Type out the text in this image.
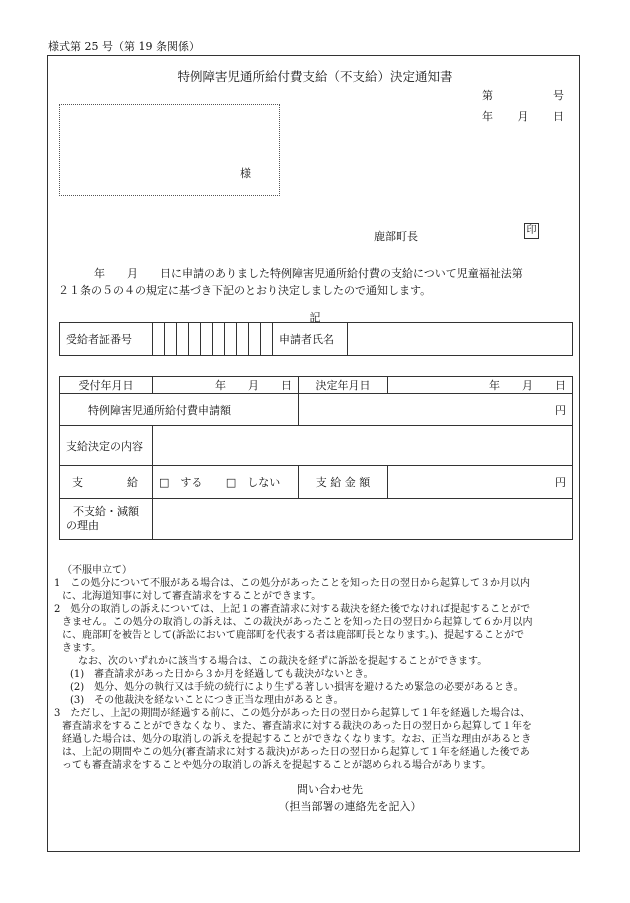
様式第 25 号（第 19 条関係）
特例障害児通所給付費支給（不支給）決定通知書
第	号
年 月 日
様
鹿部町長	印
年　　月　　日に申請のありました特例障害児通所給付費の支給について児童福祉法第
２１条の５の４の規定に基づき下記のとおり決定しましたので通知します。
記
受給者証番号											申請者氏名	
受付年月日	年　　月　　日	決定年月日	年　　月　　日
特例障害児通所給付費申請額		円	
支給決定の内容			
支　　　　給	□　する □　しない	支 給 金 額	円

不支給・減額
の理由			

（不服申立て）
1　この処分について不服がある場合は、この処分があったことを知った日の翌日から起算して３か月以内
に、北海道知事に対して審査請求をすることができます。
2　処分の取消しの訴えについては、上記１の審査請求に対する裁決を経た後でなければ提起することがで
きません。この処分の取消しの訴えは、この裁決があったことを知った日の翌日から起算して６か月以内
に、鹿部町を被告として(訴訟において鹿部町を代表する者は鹿部町長となります。)、提起することがで
きます。
なお、次のいずれかに該当する場合は、この裁決を経ずに訴訟を提起することができます。
(1)　審査請求があった日から３か月を経過しても裁決がないとき。
(2)　処分、処分の執行又は手続の続行により生ずる著しい損害を避けるため緊急の必要があるとき。
(3)　その他裁決を経ないことにつき正当な理由があるとき。
3　ただし、上記の期間が経過する前に、この処分があった日の翌日から起算して１年を経過した場合は、
審査請求をすることができなくなり、また、審査請求に対する裁決のあった日の翌日から起算して１年を
経過した場合は、処分の取消しの訴えを提起することができなくなります。なお、正当な理由があるとき
は、上記の期間やこの処分(審査請求に対する裁決)があった日の翌日から起算して１年を経過した後であ
っても審査請求をすることや処分の取消しの訴えを提起することが認められる場合があります。
問い合わせ先
（担当部署の連絡先を記入）
